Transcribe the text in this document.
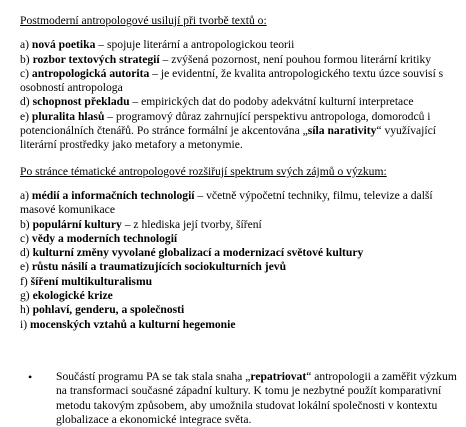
Postmoderní antropologové usilují při tvorbě textů o:
a) nová poetika – spojuje literární a antropologickou teorii
b) rozbor textových strategií – zvýšená pozornost, není pouhou formou literární kritiky
c) antropologická autorita – je evidentní, že kvalita antropologického textu úzce souvisí s osobností antropologa
d) schopnost překladu – empirických dat do podoby adekvátní kulturní interpretace
e) pluralita hlasů – programový důraz zahrnující perspektivu antropologa, domorodců i potencionálních čtenářů. Po stránce formální je akcentována „síla narativity“ využívající literární prostředky jako metafory a metonymie.
Po stránce tématické antropologové rozšiřují spektrum svých zájmů o výzkum:
a) médií a informačních technologií – včetně výpočetní techniky, filmu, televize a další masové komunikace
b) populární kultury – z hlediska její tvorby, šíření
c) vědy a moderních technologií
d) kulturní změny vyvolané globalizací a modernizací světové kultury
e) růstu násilí a traumatizujících sociokulturních jevů
f) šíření multikulturalismu
g) ekologické krize
h) pohlaví, genderu, a společnosti
i) mocenských vztahů a kulturní hegemonie
• Součástí programu PA se tak stala snaha „repatriovat“ antropologii a zaměřit výzkum na transformaci současné západní kultury. K tomu je nezbytné použít komparativní metodu takovým způsobem, aby umožnila studovat lokální společnosti v kontextu globalizace a ekonomické integrace světa.
